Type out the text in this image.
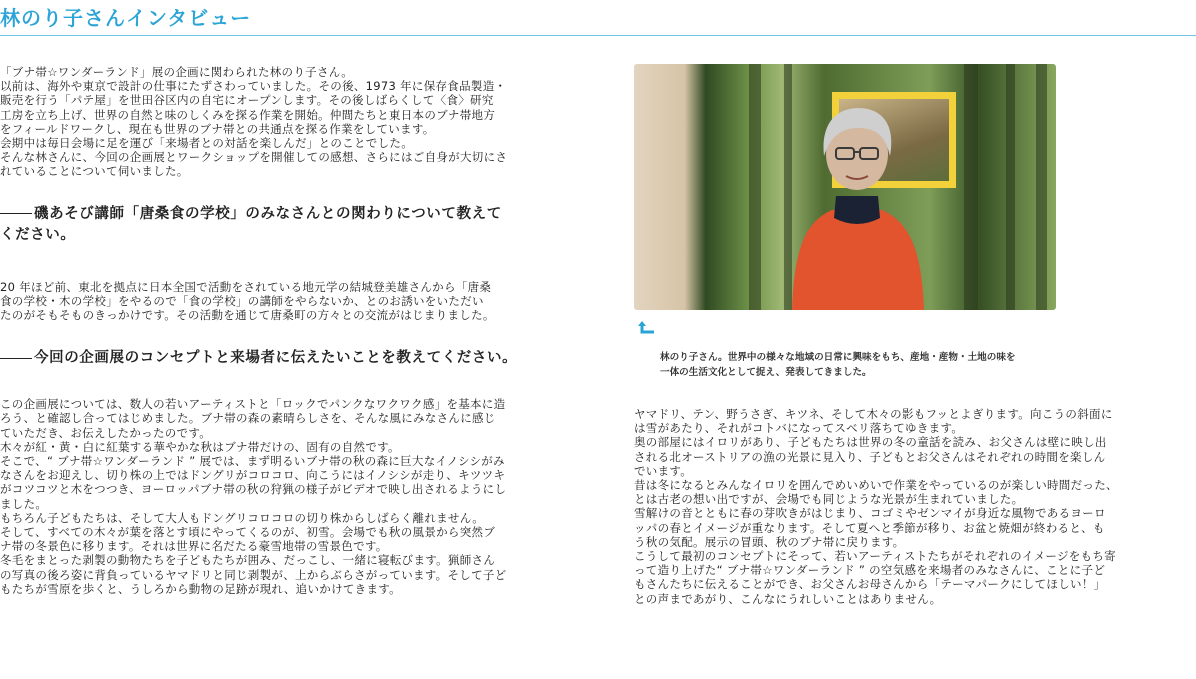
林のり子さんインタビュー

「ブナ帯☆ワンダーランド」展の企画に関わられた林のり子さん。
以前は、海外や東京で設計の仕事にたずさわっていました。その後、1973 年に保存食品製造・
販売を行う「パテ屋」を世田谷区内の自宅にオープンします。その後しばらくして〈食〉研究
工房を立ち上げ、世界の自然と味のしくみを探る作業を開始。仲間たちと東日本のブナ帯地方
をフィールドワークし、現在も世界のブナ帯との共通点を探る作業をしています。
会期中は毎日会場に足を運び「来場者との対話を楽しんだ」とのことでした。
そんな林さんに、今回の企画展とワークショップを開催しての感想、さらにはご自身が大切にさ
れていることについて伺いました。

磯あそび講師「唐桑食の学校」のみなさんとの関わりについて教えて
ください。

20 年ほど前、東北を拠点に日本全国で活動をされている地元学の結城登美雄さんから「唐桑
食の学校・木の学校」をやるので「食の学校」の講師をやらないか、とのお誘いをいただい
たのがそもそものきっかけです。その活動を通じて唐桑町の方々との交流がはじまりました。

今回の企画展のコンセプトと来場者に伝えたいことを教えてください。

この企画展については、数人の若いアーティストと「ロックでパンクなワクワク感」を基本に造
ろう、と確認し合ってはじめました。ブナ帯の森の素晴らしさを、そんな風にみなさんに感じ
ていただき、お伝えしたかったのです。
木々が紅・黄・白に紅葉する華やかな秋はブナ帯だけの、固有の自然です。
そこで、“ ブナ帯☆ワンダーランド ” 展では、まず明るいブナ帯の秋の森に巨大なイノシシがみ
なさんをお迎えし、切り株の上ではドングリがコロコロ、向こうにはイノシシが走り、キツツキ
がコツコツと木をつつき、ヨーロッパブナ帯の秋の狩猟の様子がビデオで映し出されるようにし
ました。
もちろん子どもたちは、そして大人もドングリコロコロの切り株からしばらく離れません。
そして、すべての木々が葉を落とす頃にやってくるのが、初雪。会場でも秋の風景から突然ブ
ナ帯の冬景色に移ります。それは世界に名だたる豪雪地帯の雪景色です。
冬毛をまとった剥製の動物たちを子どもたちが囲み、だっこし、一緒に寝転びます。猟師さん
の写真の後ろ姿に背負っているヤマドリと同じ剥製が、上からぶらさがっています。そして子ど
もたちが雪原を歩くと、うしろから動物の足跡が現れ、追いかけてきます。

林のり子さん。世界中の様々な地域の日常に興味をもち、産地・産物・土地の味を
一体の生活文化として捉え、発表してきました。

ヤマドリ、テン、野うさぎ、キツネ、そして木々の影もフッとよぎります。向こうの斜面に
は雪があたり、それがコトバになってスベリ落ちてゆきます。
奥の部屋にはイロリがあり、子どもたちは世界の冬の童話を読み、お父さんは壁に映し出
される北オーストリアの漁の光景に見入り、子どもとお父さんはそれぞれの時間を楽しん
でいます。
昔は冬になるとみんなイロリを囲んでめいめいで作業をやっているのが楽しい時間だった、
とは古老の想い出ですが、会場でも同じような光景が生まれていました。
雪解けの音とともに春の芽吹きがはじまり、コゴミやゼンマイが身近な風物であるヨーロ
ッパの春とイメージが重なります。そして夏へと季節が移り、お盆と焼畑が終わると、も
う秋の気配。展示の冒頭、秋のブナ帯に戻ります。
こうして最初のコンセプトにそって、若いアーティストたちがそれぞれのイメージをもち寄
って造り上げた“ ブナ帯☆ワンダーランド ” の空気感を来場者のみなさんに、ことに子ど
もさんたちに伝えることができ、お父さんお母さんから「テーマパークにしてほしい！」
との声まであがり、こんなにうれしいことはありません。
